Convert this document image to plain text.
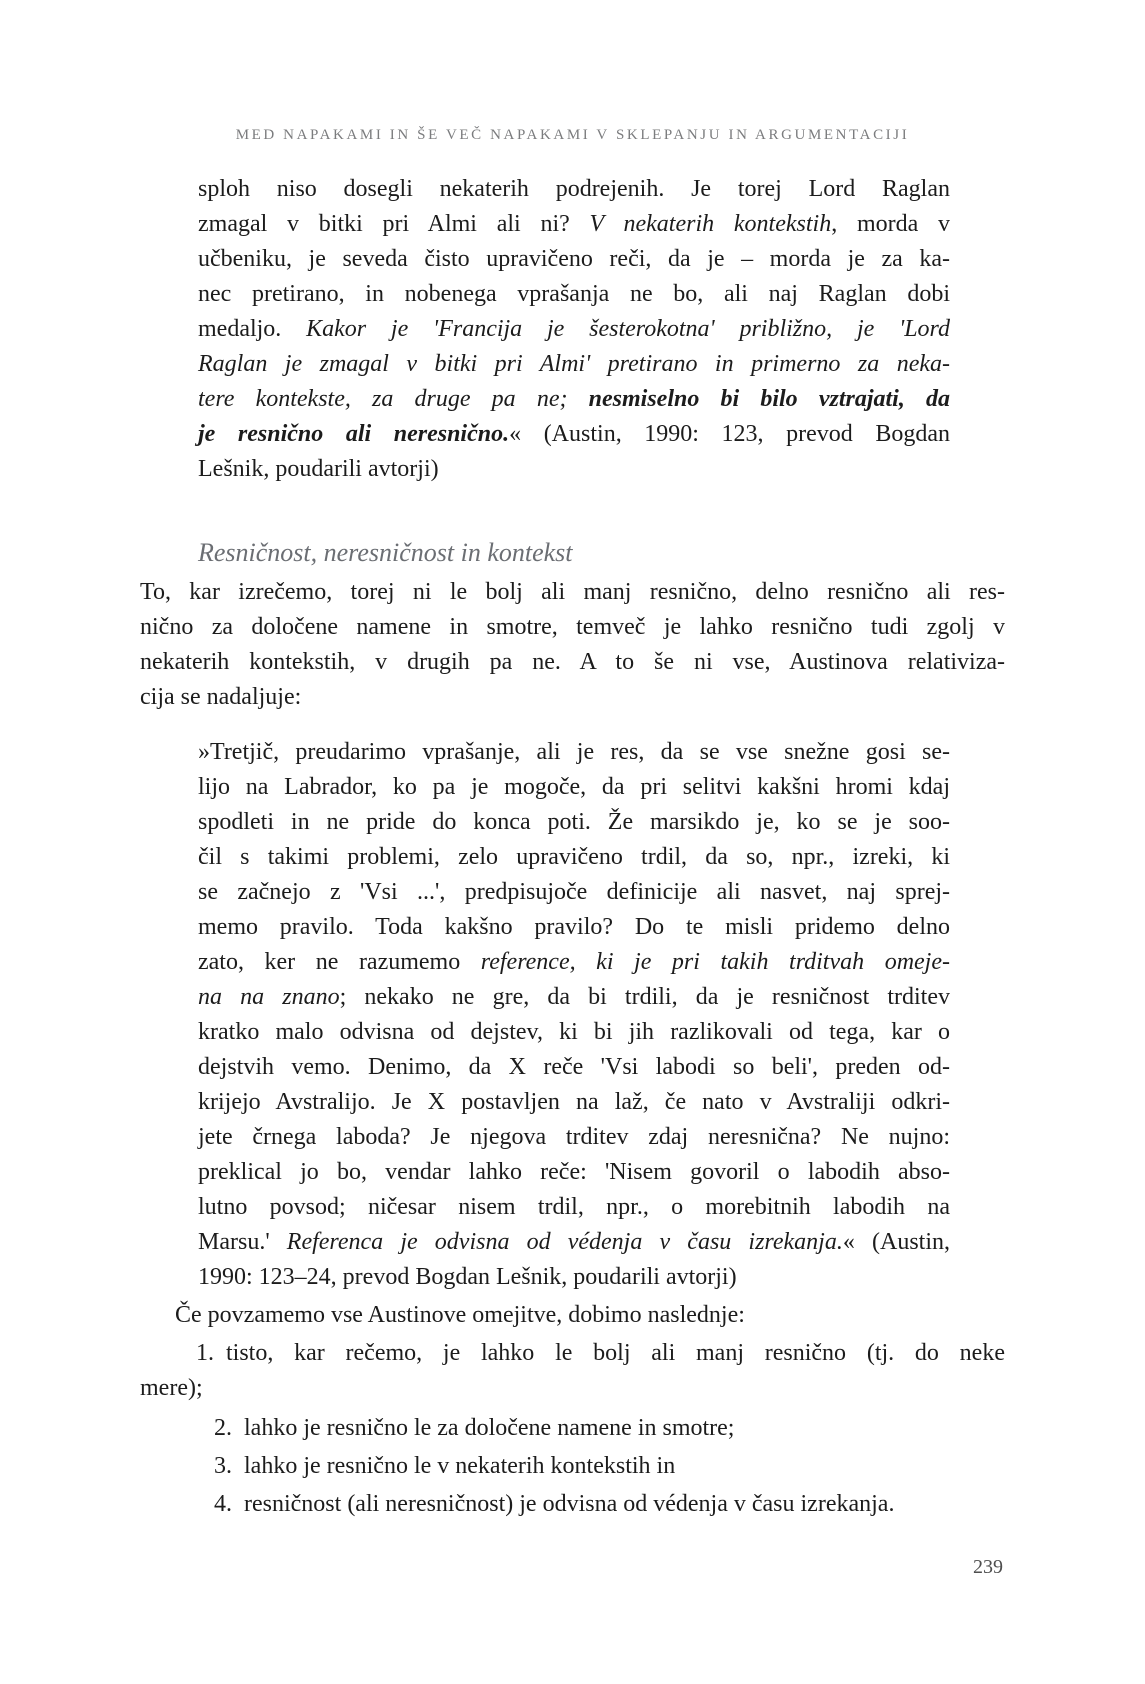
MED NAPAKAMI IN ŠE VEČ NAPAKAMI V SKLEPANJU IN ARGUMENTACIJI
sploh niso dosegli nekaterih podrejenih. Je torej Lord Raglan
zmagal v bitki pri Almi ali ni? V nekaterih kontekstih, morda v
učbeniku, je seveda čisto upravičeno reči, da je – morda je za ka-
nec pretirano, in nobenega vprašanja ne bo, ali naj Raglan dobi
medaljo. Kakor je 'Francija je šesterokotna' približno, je 'Lord
Raglan je zmagal v bitki pri Almi' pretirano in primerno za neka-
tere kontekste, za druge pa ne; nesmiselno bi bilo vztrajati, da
je resnično ali neresnično.« (Austin, 1990: 123, prevod Bogdan
Lešnik, poudarili avtorji)
Resničnost, neresničnost in kontekst
To, kar izrečemo, torej ni le bolj ali manj resnično, delno resnično ali res-
nično za določene namene in smotre, temveč je lahko resnično tudi zgolj v
nekaterih kontekstih, v drugih pa ne. A to še ni vse, Austinova relativiza-
cija se nadaljuje:
»Tretjič, preudarimo vprašanje, ali je res, da se vse snežne gosi se-
lijo na Labrador, ko pa je mogoče, da pri selitvi kakšni hromi kdaj
spodleti in ne pride do konca poti. Že marsikdo je, ko se je soo-
čil s takimi problemi, zelo upravičeno trdil, da so, npr., izreki, ki
se začnejo z 'Vsi ...', predpisujoče definicije ali nasvet, naj sprej-
memo pravilo. Toda kakšno pravilo? Do te misli pridemo delno
zato, ker ne razumemo reference, ki je pri takih trditvah omeje-
na na znano; nekako ne gre, da bi trdili, da je resničnost trditev
kratko malo odvisna od dejstev, ki bi jih razlikovali od tega, kar o
dejstvih vemo. Denimo, da X reče 'Vsi labodi so beli', preden od-
krijejo Avstralijo. Je X postavljen na laž, če nato v Avstraliji odkri-
jete črnega laboda? Je njegova trditev zdaj neresnična? Ne nujno:
preklical jo bo, vendar lahko reče: 'Nisem govoril o labodih abso-
lutno povsod; ničesar nisem trdil, npr., o morebitnih labodih na
Marsu.' Referenca je odvisna od védenja v času izrekanja.« (Austin,
1990: 123–24, prevod Bogdan Lešnik, poudarili avtorji)
Če povzamemo vse Austinove omejitve, dobimo naslednje:
1. tisto, kar rečemo, je lahko le bolj ali manj resnično (tj. do neke
mere);
2. lahko je resnično le za določene namene in smotre;
3. lahko je resnično le v nekaterih kontekstih in
4. resničnost (ali neresničnost) je odvisna od védenja v času izrekanja.
239
